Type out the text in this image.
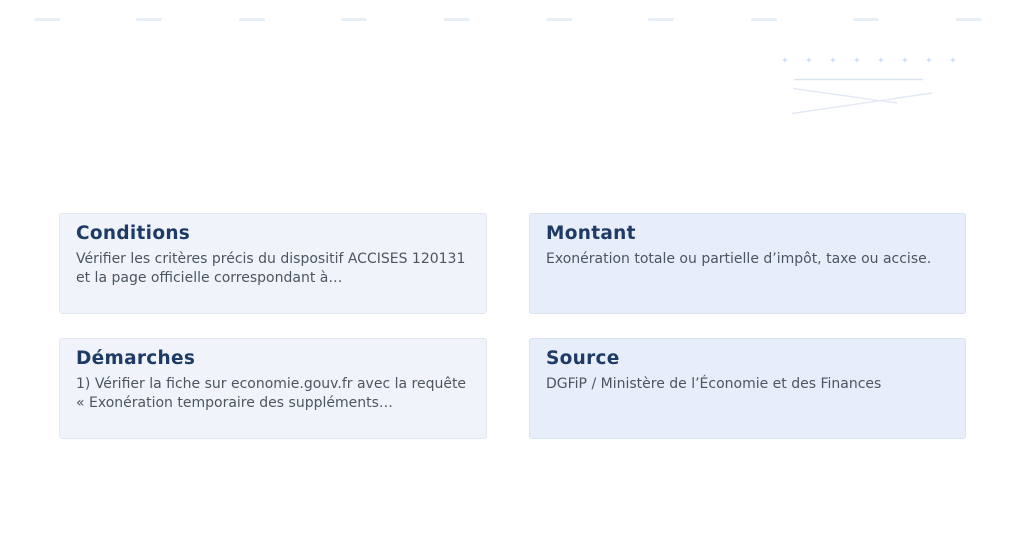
Conditions

Vérifier les critères précis du dispositif ACCISES 120131 et la page officielle correspondant à…

Montant

Exonération totale ou partielle d’impôt, taxe ou accise.

Démarches

1) Vérifier la fiche sur economie.gouv.fr avec la requête « Exonération temporaire des suppléments…

Source

DGFiP / Ministère de l’Économie et des Finances
